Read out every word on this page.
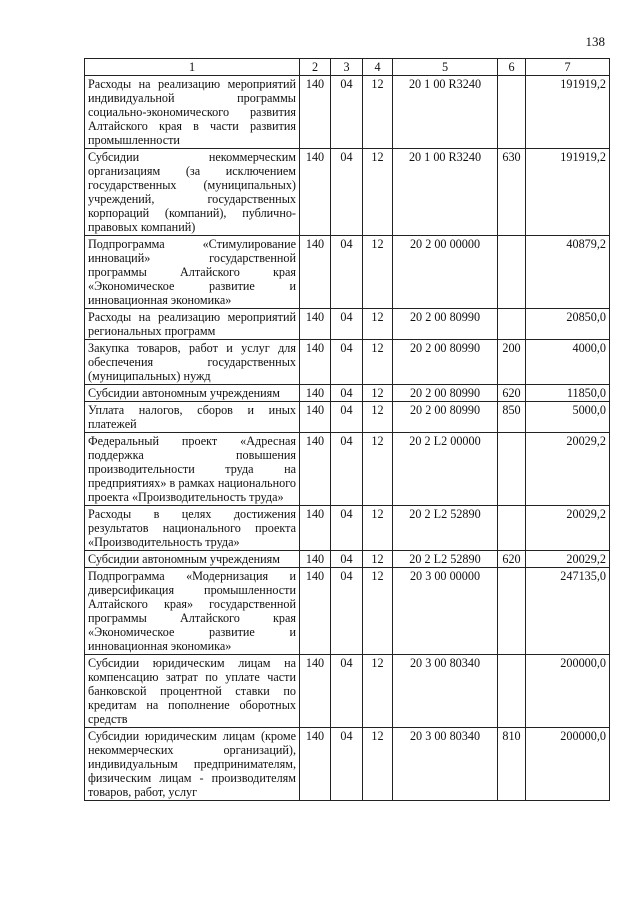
138
1	2	3	4	5	6	7
Расходы на реализацию мероприятий индивидуальной программы социально-экономического развития Алтайского края в части развития промышленности	140	04	12	20 1 00 R3240		191919,2
Субсидии некоммерческим организациям (за исключением государственных (муниципальных) учреждений, государственных корпораций (компаний), публично-правовых компаний)	140	04	12	20 1 00 R3240	630	191919,2
Подпрограмма «Стимулирование инноваций» государственной программы Алтайского края «Экономическое развитие и инновационная экономика»	140	04	12	20 2 00 00000		40879,2
Расходы на реализацию мероприятий региональных программ	140	04	12	20 2 00 80990		20850,0
Закупка товаров, работ и услуг для обеспечения государственных (муниципальных) нужд	140	04	12	20 2 00 80990	200	4000,0
Субсидии автономным учреждениям	140	04	12	20 2 00 80990	620	11850,0
Уплата налогов, сборов и иных платежей	140	04	12	20 2 00 80990	850	5000,0
Федеральный проект «Адресная поддержка повышения производительности труда на предприятиях» в рамках национального проекта «Производительность труда»	140	04	12	20 2 L2 00000		20029,2
Расходы в целях достижения результатов национального проекта «Производительность труда»	140	04	12	20 2 L2 52890		20029,2
Субсидии автономным учреждениям	140	04	12	20 2 L2 52890	620	20029,2
Подпрограмма «Модернизация и диверсификация промышленности Алтайского края» государственной программы Алтайского края «Экономическое развитие и инновационная экономика»	140	04	12	20 3 00 00000		247135,0
Субсидии юридическим лицам на компенсацию затрат по уплате части банковской процентной ставки по кредитам на пополнение оборотных средств	140	04	12	20 3 00 80340		200000,0
Субсидии юридическим лицам (кроме некоммерческих организаций), индивидуальным предпринимателям, физическим лицам - производителям товаров, работ, услуг	140	04	12	20 3 00 80340	810	200000,0
